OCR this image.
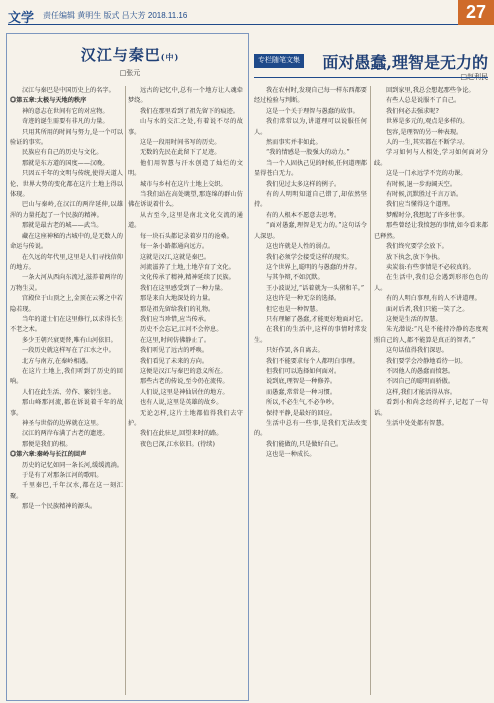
文学 责任编辑 黄明生 版式 吕大芳 2018.11.16	27
汉江与秦巴(中)
□张元

汉江与秦巴是中国历史上的名字。

◎第五章:太极与天地的秩序

神的意志在世间有它的对应物。

奇迹的诞生需要有非凡的力量。

只用其所用的时间与努力,是一个可以验证的事实。

民族应有自己的历史与文化。

那就是东方道的国度——汉晚。

只因五千年的文明与传统,使得天道人伦、世界大势的变化都在这片土地上得以体现。

巴山与秦岭,在汉江的两岸延伸,以雄浑的力量托起了一个民族的精神。

那就是最古老的城——武当。

藏在这座神秘的古城中的,是无数人的命运与传说。

在久远的年代里,这里是人们寻找信仰的地方。

一条大河从西向东流过,滋养着两岸的万物生灵。

宫殿位于山顶之上,金顶在云雾之中若隐若现。

当年的道士们在这里修行,以求得长生不老之术。

多少王朝兴衰更替,唯有山河依旧。

一段历史就这样写在了江水之中。

北方与南方,在秦岭相遇。

在这片土地上,我们听到了历史的回响。

人们在此生活、劳作、繁衍生息。

那山峰那河流,都在诉说着千年的故事。

神圣与世俗的边界就在这里。

汉江的两岸布满了古老的遗迹。

那便是我们的根。

◎第六章:秦岭与长江的回声

历史的记忆如同一条长河,缓缓流淌。

于是有了对那条江河的歌唱。

千里秦巴,千年汉水,都在这一刻汇聚。

那是一个民族精神的源头。

远古的记忆中,总有一个地方让人魂牵梦绕。

我们在那里看到了祖先留下的痕迹。

山与水的交汇之处,有着说不尽的故事。

这是一段用时间书写的历史。

无数的先民在此留下了足迹。

他们用智慧与汗水创造了灿烂的文明。

城市与乡村在这片土地上交织。

当我们站在高处眺望,那连绵的群山仿佛在诉说着什么。

从古至今,这里是南北文化交流的通道。

每一块石头都记录着岁月的沧桑。

每一条小路都通向远方。

这就是汉江,这就是秦巴。

河流滋养了土地,土地孕育了文化。

文化传承了精神,精神延续了民族。

我们在这里感受到了一种力量。

那是来自大地深处的力量。

那是祖先留给我们的礼物。

我们应当珍惜,应当传承。

历史不会忘记,江河不会停息。

在这里,时间仿佛静止了。

我们听见了远古的呼唤。

我们看见了未来的方向。

这便是汉江与秦巴的意义所在。

那些古老的传说,至今仍在流传。

人们说,这里是神仙居住的地方。

也有人说,这里是英雄的故乡。

无论怎样,这片土地都值得我们去守护。

我们在此驻足,回望来时的路。

夜色已深,江水依旧。(待续)

专栏随笔文集	面对愚蠢,理智是无力的
□赵利民

我在农村时,发现自己每一样东西都要经过检验与判断。

这是一个关于理智与愚蠢的故事。

我们常常以为,讲道理可以说服任何人。

然而事实并非如此。

“我的情感是一股强大的动力。”

当一个人固执己见的时候,任何道理都显得苍白无力。

我们见过太多这样的例子。

有的人明明知道自己错了,却依然坚持。

有的人根本不愿意去思考。

“面对愚蠢,理智是无力的。”这句话令人深思。

这也许就是人性的弱点。

我们必须学会接受这样的现实。

这个世界上,聪明的与愚蠢的并存。

与其争辩,不如沉默。

王小波说过,“话着就为一头猪和羊。”

这也许是一种无奈的选择。

但它也是一种智慧。

只有理解了愚蠢,才能更好地面对它。

在我们的生活中,这样的事情时常发生。

只好作罢,各自离去。

我们不能要求每个人都明白事理。

但我们可以选择如何面对。

说到底,理智是一种修养。

而愚蠢,常常是一种习惯。

所以,不必生气,不必争吵。

保持平静,是最好的回应。

生活中总有一些事,是我们无法改变的。

我们能做的,只是做好自己。

这也是一种成长。

回到家里,我总会想起那些争论。

有些人总是说服不了自己。

我们何必去强求呢?

世界是多元的,观点是多样的。

包容,是理智的另一种表现。

人的一生,其实都在不断学习。

学习如何与人相处,学习如何面对分歧。

这是一门永远学不完的功课。

有时候,退一步海阔天空。

有时候,沉默胜过千言万语。

我们应当懂得这个道理。

梦醒时分,我想起了许多往事。

那些曾经让我愤怒的事情,如今看来都已释然。

我们终究要学会放下。

放下执念,放下争执。

卖炭翁:有些事情是不必较真的。

在生活中,我们总会遇到形形色色的人。

有的人明白事理,有的人不讲道理。

面对后者,我们只能一笑了之。

这便是生活的智慧。

朱光潜说:“凡是不能持冷静的态度观照自己的人,都不能算是真正的智者。”

这句话值得我们深思。

我们要学会冷静地看待一切。

不因他人的愚蠢而愤怒。

不因自己的聪明而骄傲。

这样,我们才能活得从容。

看到小和尚念经的样子,记起了一句话。

生活中处处都有智慧。
